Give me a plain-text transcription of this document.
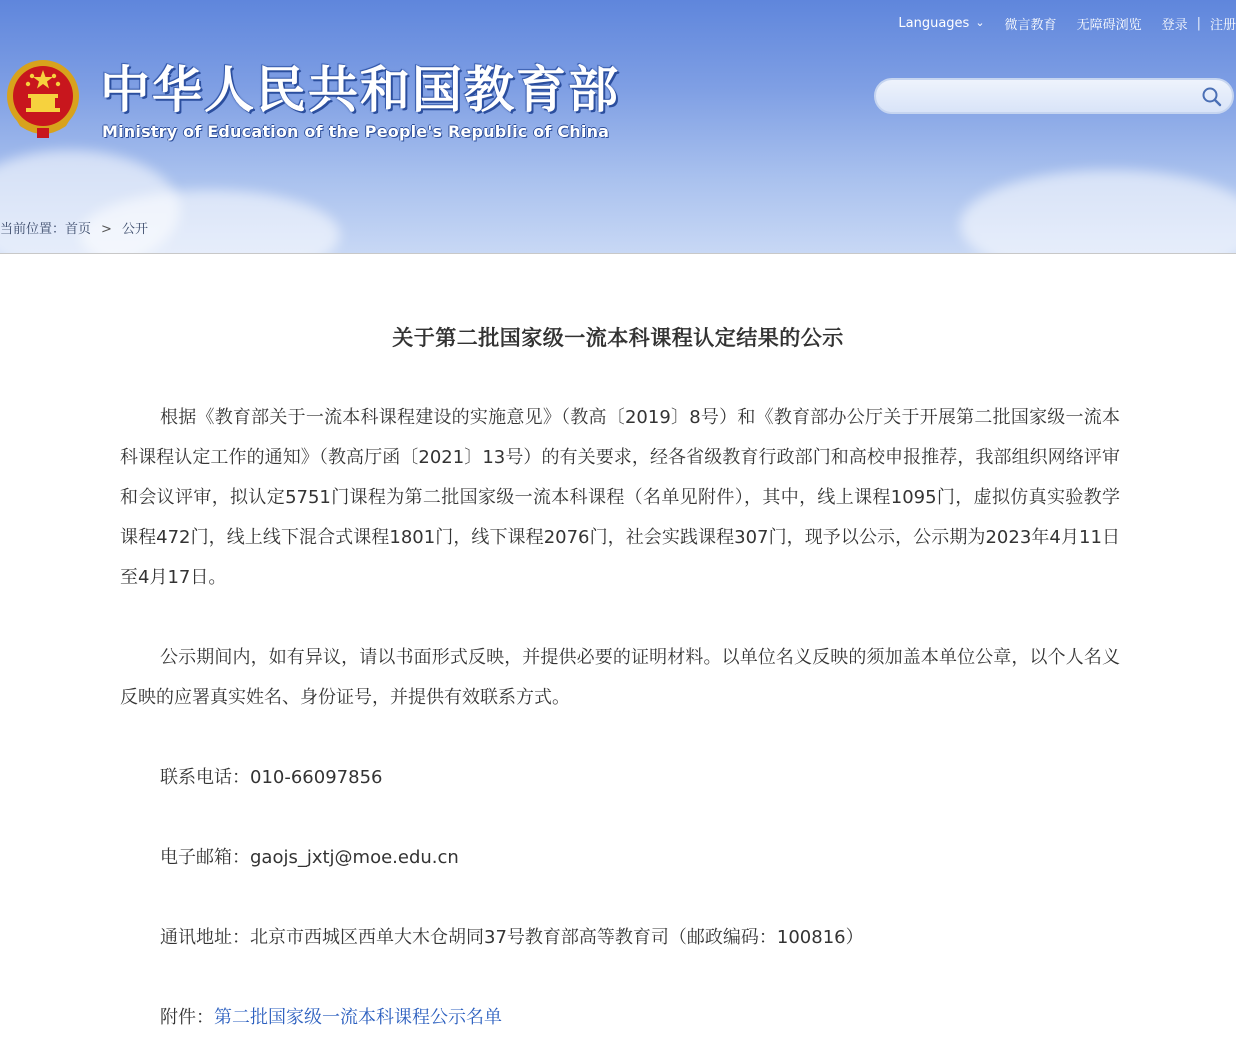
Languages ⌄ 微言教育 无障碍浏览 登录 | 注册
中华人民共和国教育部
Ministry of Education of the People's Republic of China
当前位置：首页 > 公开
关于第二批国家级一流本科课程认定结果的公示
根据《教育部关于一流本科课程建设的实施意见》（教高〔2019〕8号）和《教育部办公厅关于开展第二批国家级一流本科课程认定工作的通知》（教高厅函〔2021〕13号）的有关要求，经各省级教育行政部门和高校申报推荐，我部组织网络评审和会议评审，拟认定5751门课程为第二批国家级一流本科课程（名单见附件），其中，线上课程1095门，虚拟仿真实验教学课程472门，线上线下混合式课程1801门，线下课程2076门，社会实践课程307门，现予以公示，公示期为2023年4月11日至4月17日。
公示期间内，如有异议，请以书面形式反映，并提供必要的证明材料。以单位名义反映的须加盖本单位公章，以个人名义反映的应署真实姓名、身份证号，并提供有效联系方式。
联系电话：010-66097856
电子邮箱：gaojs_jxtj@moe.edu.cn
通讯地址：北京市西城区西单大木仓胡同37号教育部高等教育司（邮政编码：100816）
附件：第二批国家级一流本科课程公示名单
